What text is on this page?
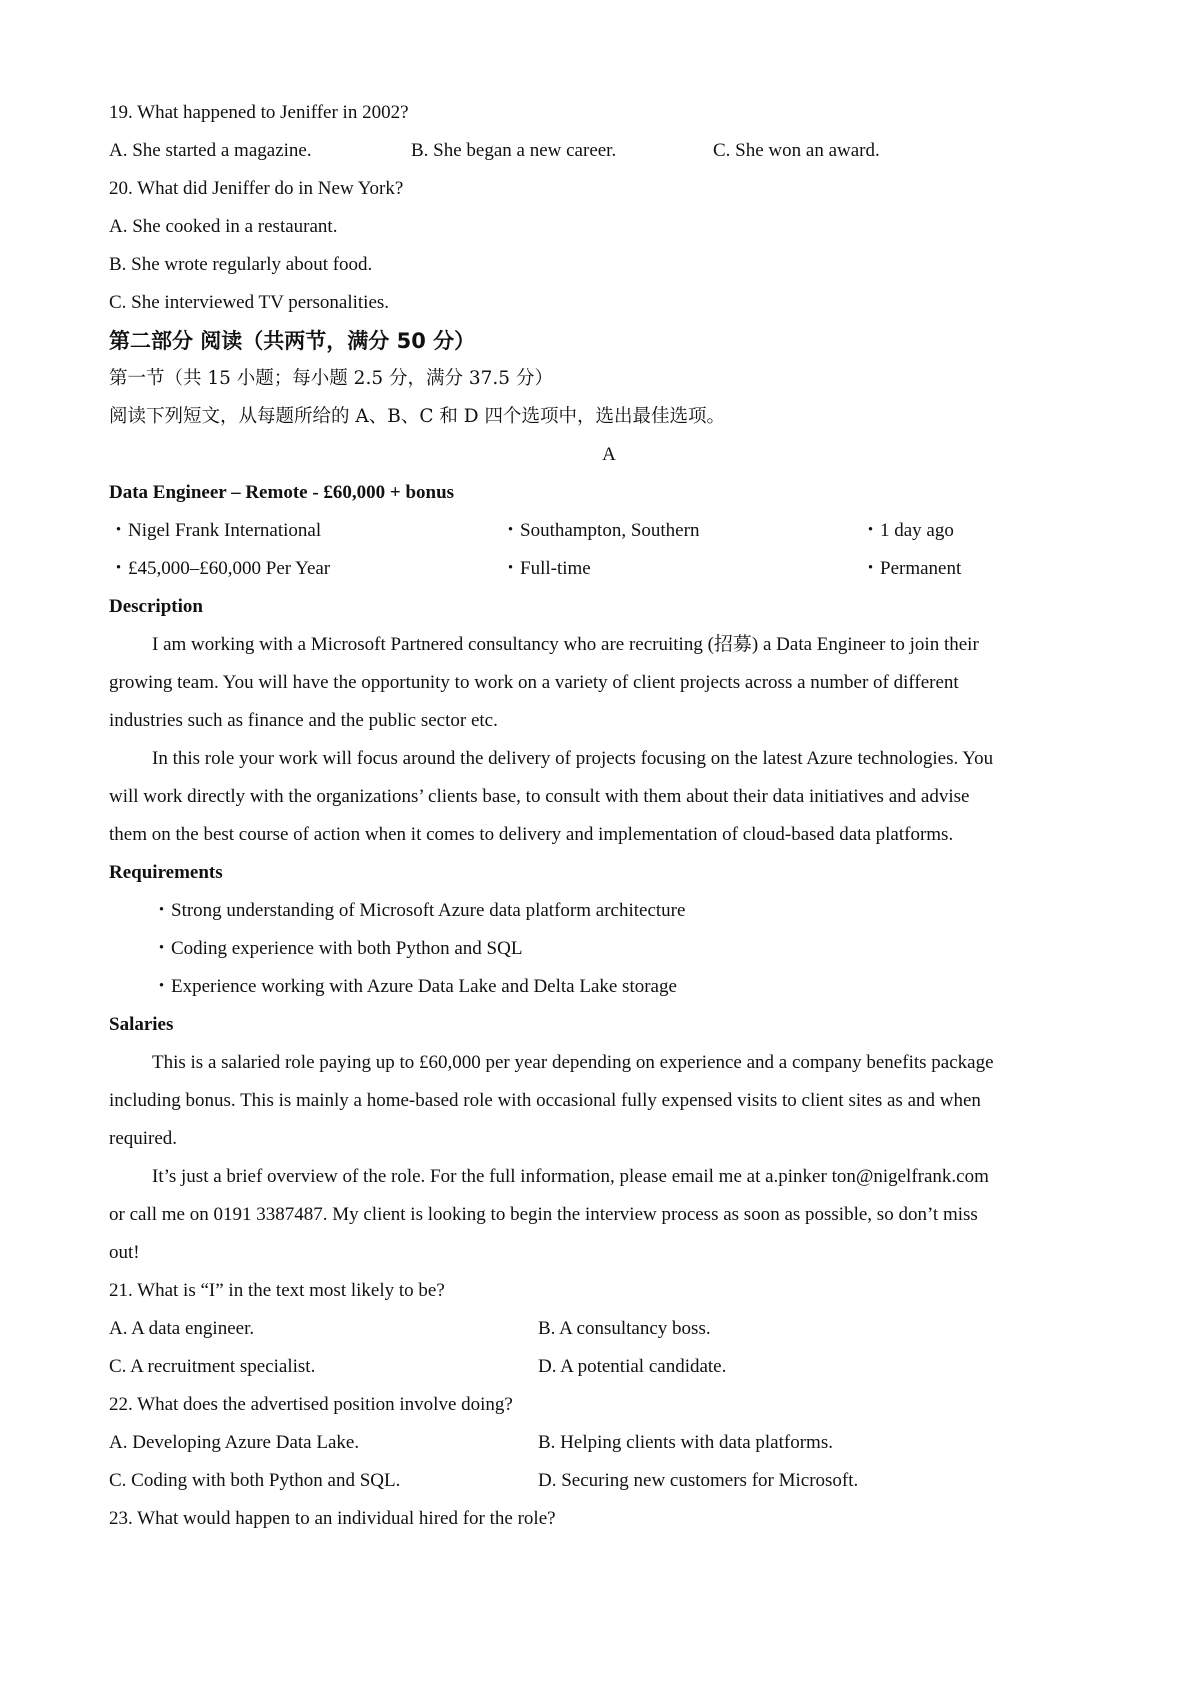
19. What happened to Jeniffer in 2002?
A. She started a magazine.	B. She began a new career.	C. She won an award.
20. What did Jeniffer do in New York?
A. She cooked in a restaurant.
B. She wrote regularly about food.
C. She interviewed TV personalities.
第二部分 阅读（共两节，满分 50 分）
第一节（共 15 小题；每小题 2.5 分，满分 37.5 分）
阅读下列短文，从每题所给的 A、B、C 和 D 四个选项中，选出最佳选项。
A
Data Engineer – Remote - £60,000 + bonus
・Nigel Frank International	・Southampton, Southern	・1 day ago
・£45,000–£60,000 Per Year	・Full-time	・Permanent
Description
I am working with a Microsoft Partnered consultancy who are recruiting (招募) a Data Engineer to join their
growing team. You will have the opportunity to work on a variety of client projects across a number of different
industries such as finance and the public sector etc.
In this role your work will focus around the delivery of projects focusing on the latest Azure technologies. You
will work directly with the organizations’ clients base, to consult with them about their data initiatives and advise
them on the best course of action when it comes to delivery and implementation of cloud-based data platforms.
Requirements
・Strong understanding of Microsoft Azure data platform architecture
・Coding experience with both Python and SQL
・Experience working with Azure Data Lake and Delta Lake storage
Salaries
This is a salaried role paying up to £60,000 per year depending on experience and a company benefits package
including bonus. This is mainly a home-based role with occasional fully expensed visits to client sites as and when
required.
It’s just a brief overview of the role. For the full information, please email me at a.pinker ton@nigelfrank.com
or call me on 0191 3387487. My client is looking to begin the interview process as soon as possible, so don’t miss
out!
21. What is “I” in the text most likely to be?
A. A data engineer.	B. A consultancy boss.
C. A recruitment specialist.	D. A potential candidate.
22. What does the advertised position involve doing?
A. Developing Azure Data Lake.	B. Helping clients with data platforms.
C. Coding with both Python and SQL.	D. Securing new customers for Microsoft.
23. What would happen to an individual hired for the role?
